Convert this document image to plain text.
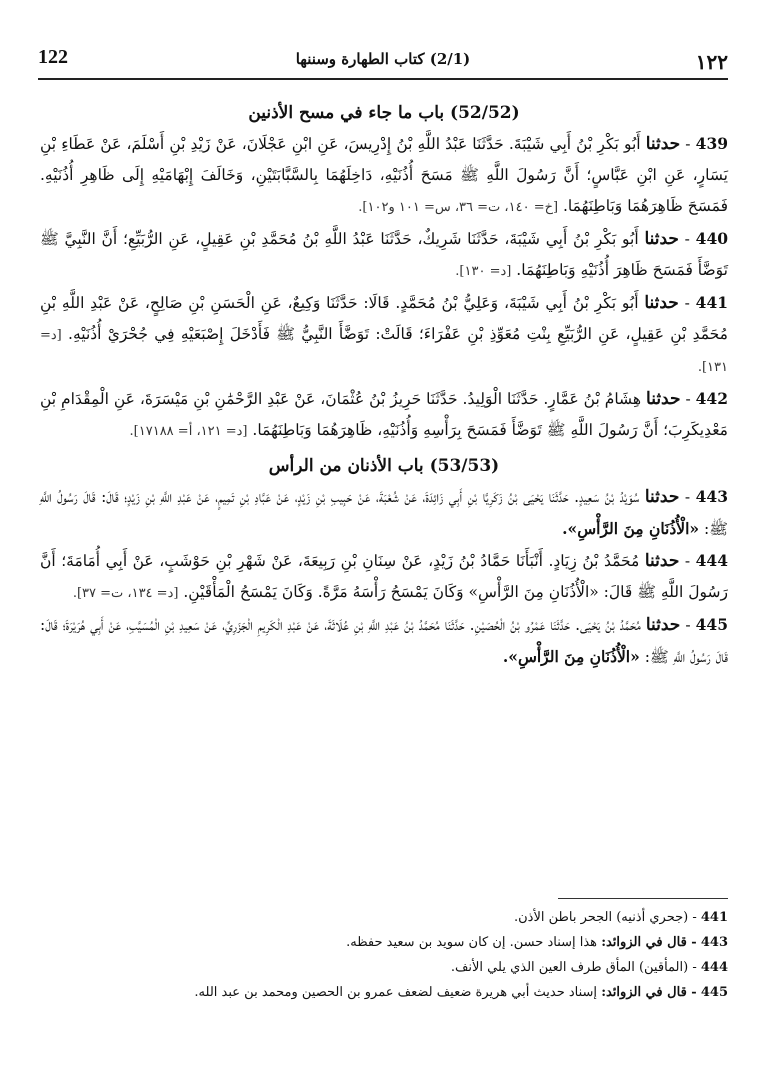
١٢٢
(2/1) كتاب الطهارة وسننها
122

(52/52) باب ما جاء في مسح الأذنين

439 - حدثنا أَبُو بَكْرِ بْنُ أَبِي شَيْبَةَ. حَدَّثَنَا عَبْدُ اللَّهِ بْنُ إِدْرِيسَ، عَنِ ابْنِ عَجْلَانَ، عَنْ زَيْدِ بْنِ أَسْلَمَ، عَنْ عَطَاءِ بْنِ يَسَارٍ، عَنِ ابْنِ عَبَّاسٍ؛ أَنَّ رَسُولَ اللَّهِ ﷺ مَسَحَ أُذُنَيْهِ، دَاخِلَهُمَا بِالسَّبَّابَتَيْنِ، وَخَالَفَ إِبْهَامَيْهِ إِلَى ظَاهِرِ أُذُنَيْهِ. فَمَسَحَ ظَاهِرَهُمَا وَبَاطِنَهُمَا. [خ= ١٤٠، ت= ٣٦، س= ١٠١ و١٠٢].

440 - حدثنا أَبُو بَكْرِ بْنُ أَبِي شَيْبَةَ، حَدَّثَنَا شَرِيكٌ، حَدَّثَنَا عَبْدُ اللَّهِ بْنُ مُحَمَّدِ بْنِ عَقِيلٍ، عَنِ الرُّبَيِّعِ؛ أَنَّ النَّبِيَّ ﷺ تَوَضَّأَ فَمَسَحَ ظَاهِرَ أُذُنَيْهِ وَبَاطِنَهُمَا. [د= ١٣٠].

441 - حدثنا أَبُو بَكْرِ بْنُ أَبِي شَيْبَةَ، وَعَلِيُّ بْنُ مُحَمَّدٍ. قَالَا: حَدَّثَنَا وَكِيعٌ، عَنِ الْحَسَنِ بْنِ صَالِحٍ، عَنْ عَبْدِ اللَّهِ بْنِ مُحَمَّدِ بْنِ عَقِيلٍ، عَنِ الرُّبَيِّعِ بِنْتِ مُعَوِّذِ بْنِ عَفْرَاءَ؛ قَالَتْ: تَوَضَّأَ النَّبِيُّ ﷺ فَأَدْخَلَ إِصْبَعَيْهِ فِي جُحْرَيْ أُذُنَيْهِ. [د= ١٣١].

442 - حدثنا هِشَامُ بْنُ عَمَّارٍ. حَدَّثَنَا الْوَلِيدُ. حَدَّثَنَا حَرِيزُ بْنُ عُثْمَانَ، عَنْ عَبْدِ الرَّحْمَٰنِ بْنِ مَيْسَرَةَ، عَنِ الْمِقْدَامِ بْنِ مَعْدِيكَرِبَ؛ أَنَّ رَسُولَ اللَّهِ ﷺ تَوَضَّأَ فَمَسَحَ بِرَأْسِهِ وَأُذُنَيْهِ، ظَاهِرَهُمَا وَبَاطِنَهُمَا. [د= ١٢١، أ= ١٧١٨٨].

(53/53) باب الأذنان من الرأس

443 - حدثنا سُوَيْدُ بْنُ سَعِيدٍ. حَدَّثَنَا يَحْيَى بْنُ زَكَرِيَّا بْنِ أَبِي زَائِدَةَ، عَنْ شُعْبَةَ، عَنْ حَبِيبِ بْنِ زَيْدٍ، عَنْ عَبَّادِ بْنِ تَمِيمٍ، عَنْ عَبْدِ اللَّهِ بْنِ زَيْدٍ؛ قَالَ: قَالَ رَسُولُ اللَّهِ ﷺ: «الْأُذُنَانِ مِنَ الرَّأْسِ».

444 - حدثنا مُحَمَّدُ بْنُ زِيَادٍ. أَنْبَأَنَا حَمَّادُ بْنُ زَيْدٍ، عَنْ سِنَانِ بْنِ رَبِيعَةَ، عَنْ شَهْرِ بْنِ حَوْشَبٍ، عَنْ أَبِي أُمَامَةَ؛ أَنَّ رَسُولَ اللَّهِ ﷺ قَالَ: «الْأُذُنَانِ مِنَ الرَّأْسِ» وَكَانَ يَمْسَحُ رَأْسَهُ مَرَّةً. وَكَانَ يَمْسَحُ الْمَأْقَيْنِ. [د= ١٣٤، ت= ٣٧].

445 - حدثنا مُحَمَّدُ بْنُ يَحْيَى. حَدَّثَنَا عَمْرُو بْنُ الْحُصَيْنِ. حَدَّثَنَا مُحَمَّدُ بْنُ عَبْدِ اللَّهِ بْنِ عُلَاثَةَ، عَنْ عَبْدِ الْكَرِيمِ الْجَزَرِيِّ، عَنْ سَعِيدِ بْنِ الْمُسَيَّبِ، عَنْ أَبِي هُرَيْرَةَ؛ قَالَ: قَالَ رَسُولُ اللَّهِ ﷺ: «الْأُذُنَانِ مِنَ الرَّأْسِ».

441 - (جحري أذنيه) الجحر باطن الأذن.

443 - قال في الزوائد: هذا إسناد حسن. إن كان سويد بن سعيد حفظه.

444 - (المأقين) المأق طرف العين الذي يلي الأنف.

445 - قال في الزوائد: إسناد حديث أبي هريرة ضعيف لضعف عمرو بن الحصين ومحمد بن عبد الله.
